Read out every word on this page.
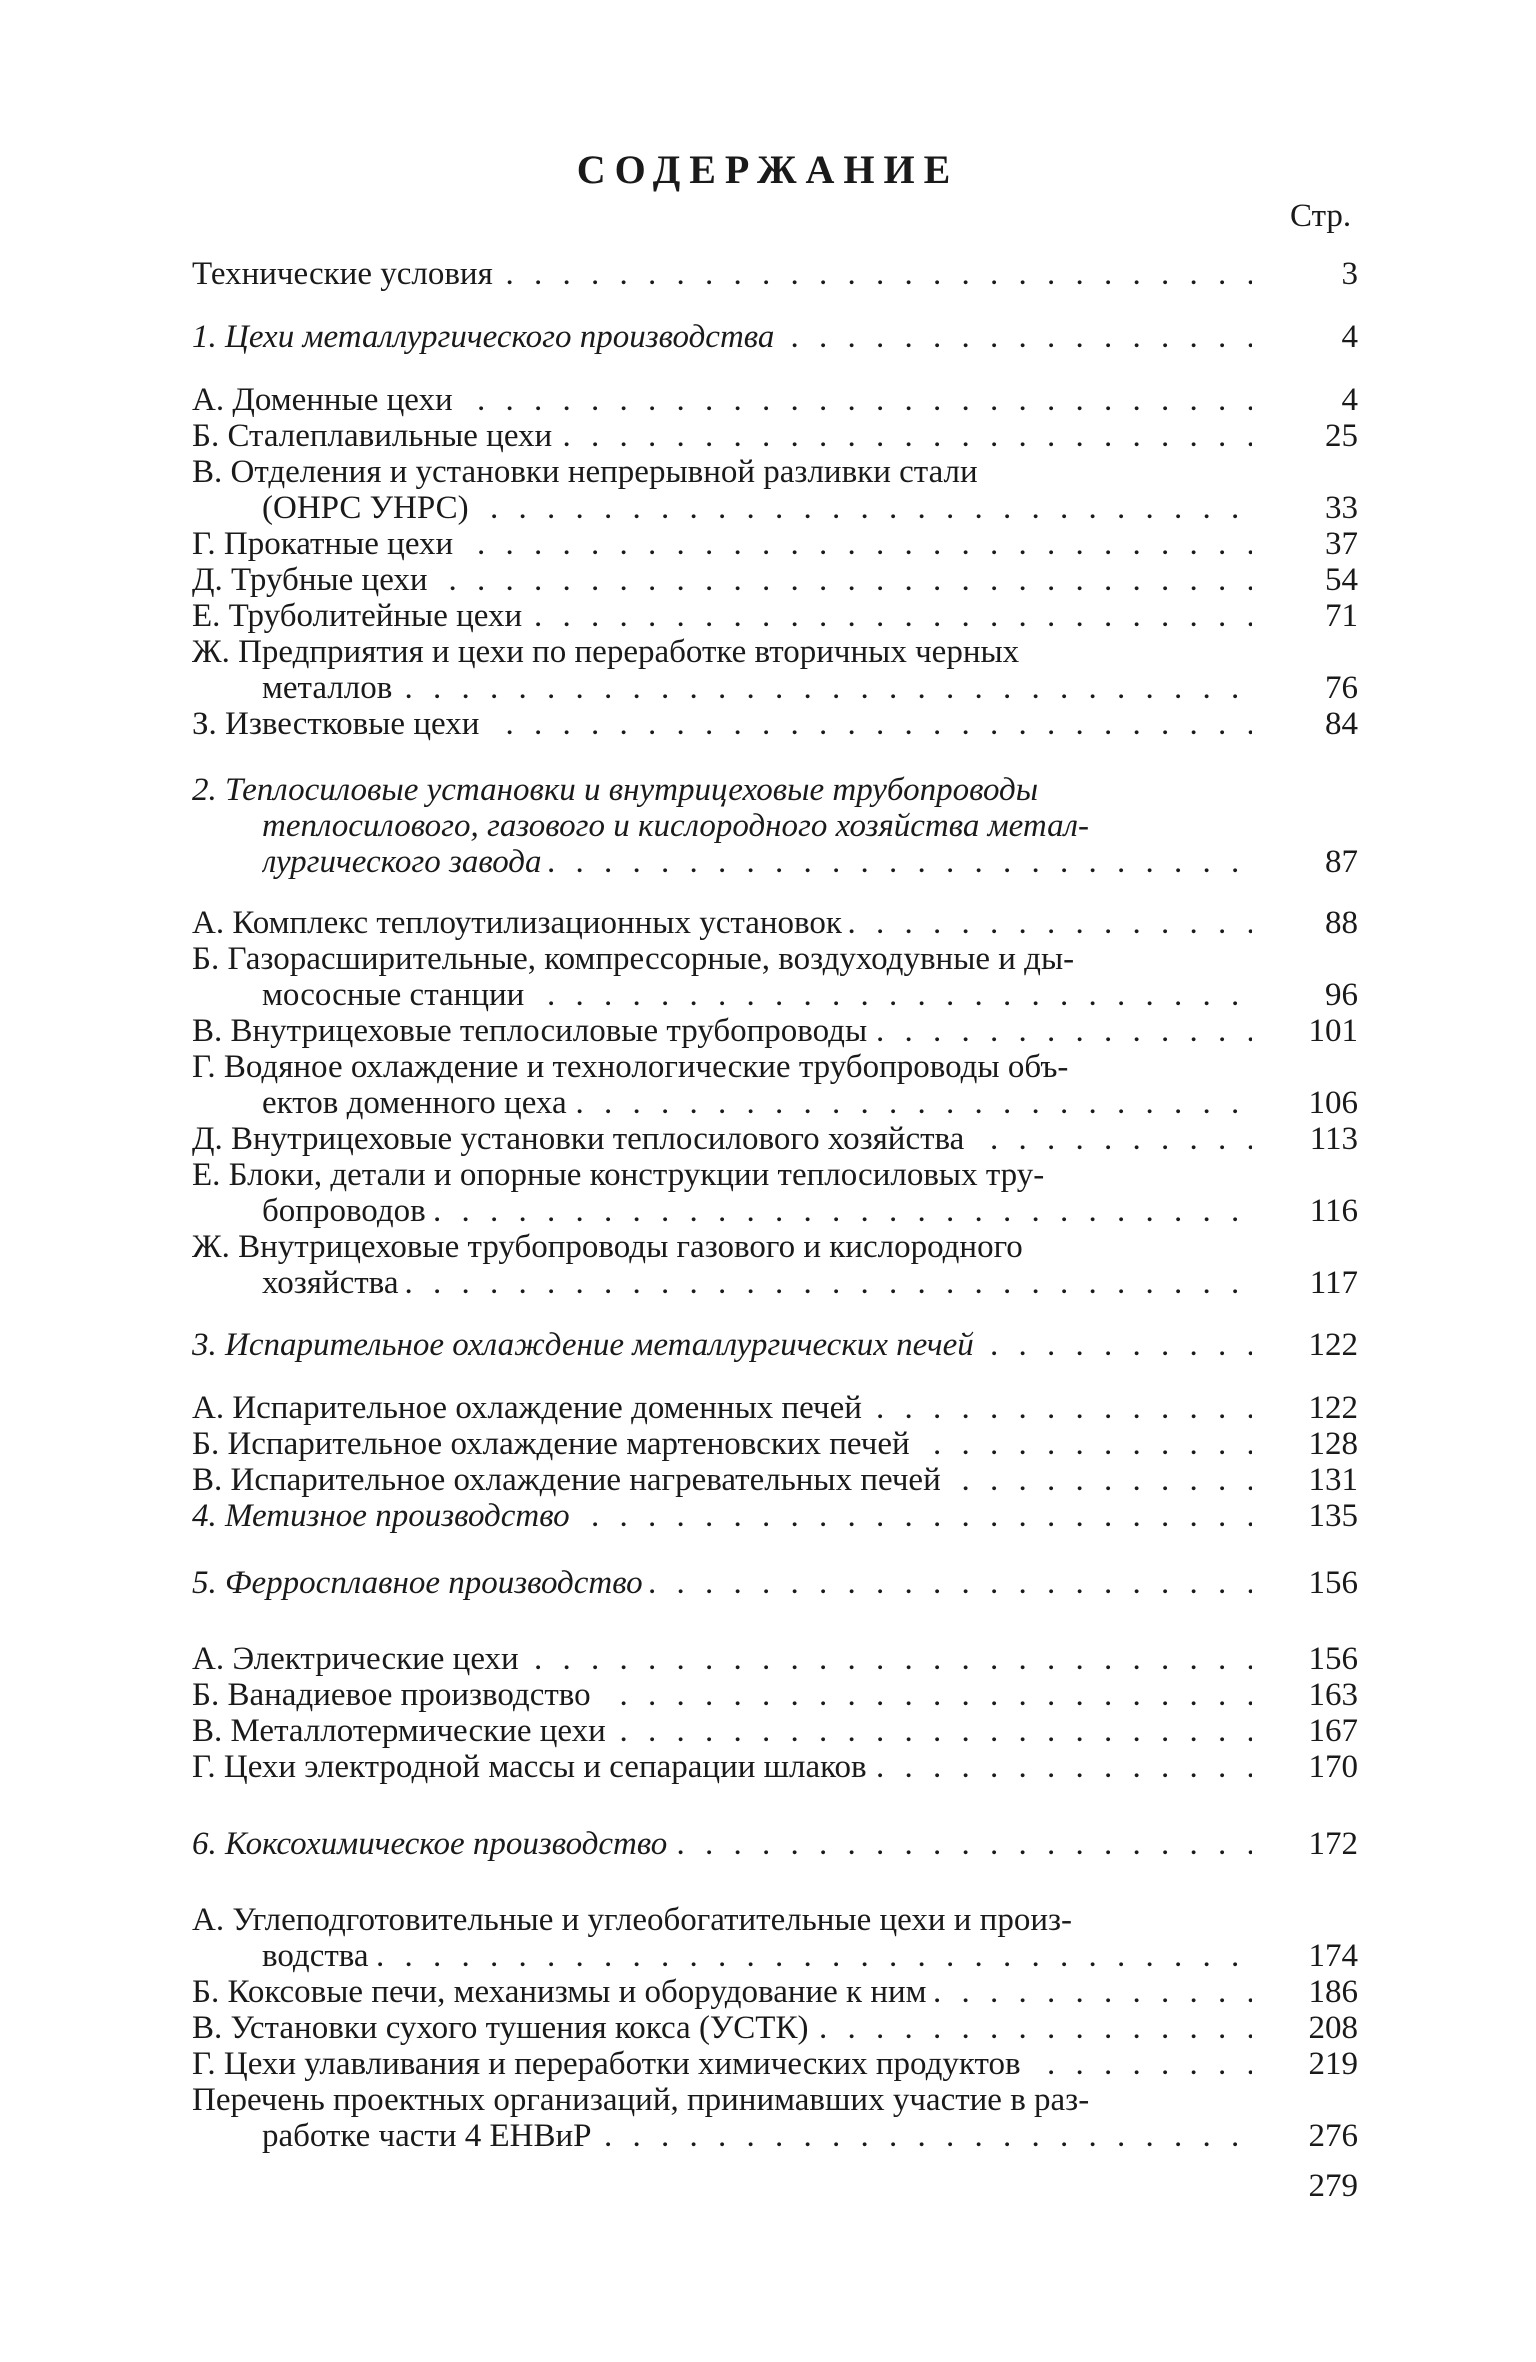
СОДЕРЖАНИЕ
Стр.
Технические условия . . .	3
1. Цехи металлургического производства . . .	4
А. Доменные цехи . . .	4
Б. Сталеплавильные цехи . . .	25
В. Отделения и установки непрерывной разливки стали
(ОНРС УНРС) . . .	33
Г. Прокатные цехи . . .	37
Д. Трубные цехи . . .	54
Е. Труболитейные цехи . . .	71
Ж. Предприятия и цехи по переработке вторичных черных
металлов . . .	76
З. Известковые цехи . . .	84
2. Теплосиловые установки и внутрицеховые трубопроводы
теплосилового, газового и кислородного хозяйства метал-
лургического завода . . .	87
А. Комплекс теплоутилизационных установок . . .	88
Б. Газорасширительные, компрессорные, воздуходувные и ды-
мососные станции . . .	96
В. Внутрицеховые теплосиловые трубопроводы . . .	101
Г. Водяное охлаждение и технологические трубопроводы объ-
ектов доменного цеха . . .	106
Д. Внутрицеховые установки теплосилового хозяйства . . .	113
Е. Блоки, детали и опорные конструкции теплосиловых тру-
бопроводов . . .	116
Ж. Внутрицеховые трубопроводы газового и кислородного
хозяйства . . .	117
3. Испарительное охлаждение металлургических печей . . .	122
А. Испарительное охлаждение доменных печей . . .	122
Б. Испарительное охлаждение мартеновских печей . . .	128
В. Испарительное охлаждение нагревательных печей . . .	131
4. Метизное производство . . .	135
5. Ферросплавное производство . . .	156
А. Электрические цехи . . .	156
Б. Ванадиевое производство . . .	163
В. Металлотермические цехи . . .	167
Г. Цехи электродной массы и сепарации шлаков . . .	170
6. Коксохимическое производство . . .	172
А. Углеподготовительные и углеобогатительные цехи и произ-
водства . . .	174
Б. Коксовые печи, механизмы и оборудование к ним . . .	186
В. Установки сухого тушения кокса (УСТК) . . .	208
Г. Цехи улавливания и переработки химических продуктов . . .	219
Перечень проектных организаций, принимавших участие в раз-
работке части 4 ЕНВиР . . .	276
279
